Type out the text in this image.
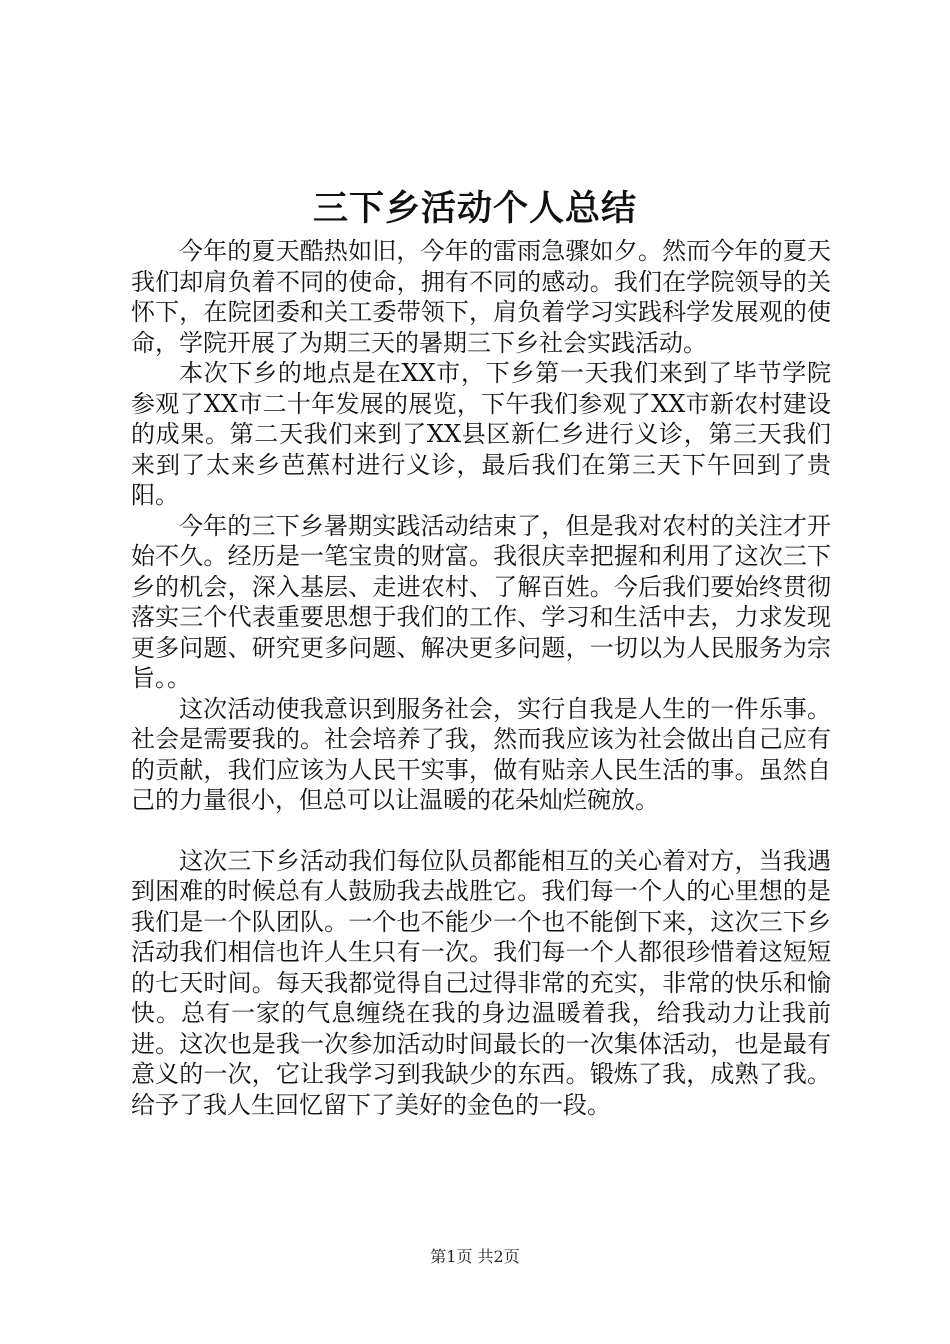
三下乡活动个人总结

今年的夏天酷热如旧，今年的雷雨急骤如夕。然而今年的夏天我们却肩负着不同的使命，拥有不同的感动。我们在学院领导的关怀下，在院团委和关工委带领下，肩负着学习实践科学发展观的使命，学院开展了为期三天的暑期三下乡社会实践活动。

本次下乡的地点是在XX市，下乡第一天我们来到了毕节学院参观了XX市二十年发展的展览，下午我们参观了XX市新农村建设的成果。第二天我们来到了XX县区新仁乡进行义诊，第三天我们来到了太来乡芭蕉村进行义诊，最后我们在第三天下午回到了贵阳。

今年的三下乡暑期实践活动结束了，但是我对农村的关注才开始不久。经历是一笔宝贵的财富。我很庆幸把握和利用了这次三下乡的机会，深入基层、走进农村、了解百姓。今后我们要始终贯彻落实三个代表重要思想于我们的工作、学习和生活中去，力求发现更多问题、研究更多问题、解决更多问题，一切以为人民服务为宗旨。。

这次活动使我意识到服务社会，实行自我是人生的一件乐事。社会是需要我的。社会培养了我，然而我应该为社会做出自己应有的贡献，我们应该为人民干实事，做有贴亲人民生活的事。虽然自己的力量很小，但总可以让温暖的花朵灿烂碗放。

这次三下乡活动我们每位队员都能相互的关心着对方，当我遇到困难的时候总有人鼓励我去战胜它。我们每一个人的心里想的是我们是一个队团队。一个也不能少一个也不能倒下来，这次三下乡活动我们相信也许人生只有一次。我们每一个人都很珍惜着这短短的七天时间。每天我都觉得自己过得非常的充实，非常的快乐和愉快。总有一家的气息缠绕在我的身边温暖着我，给我动力让我前进。这次也是我一次参加活动时间最长的一次集体活动，也是最有意义的一次，它让我学习到我缺少的东西。锻炼了我，成熟了我。给予了我人生回忆留下了美好的金色的一段。

第1页 共2页
